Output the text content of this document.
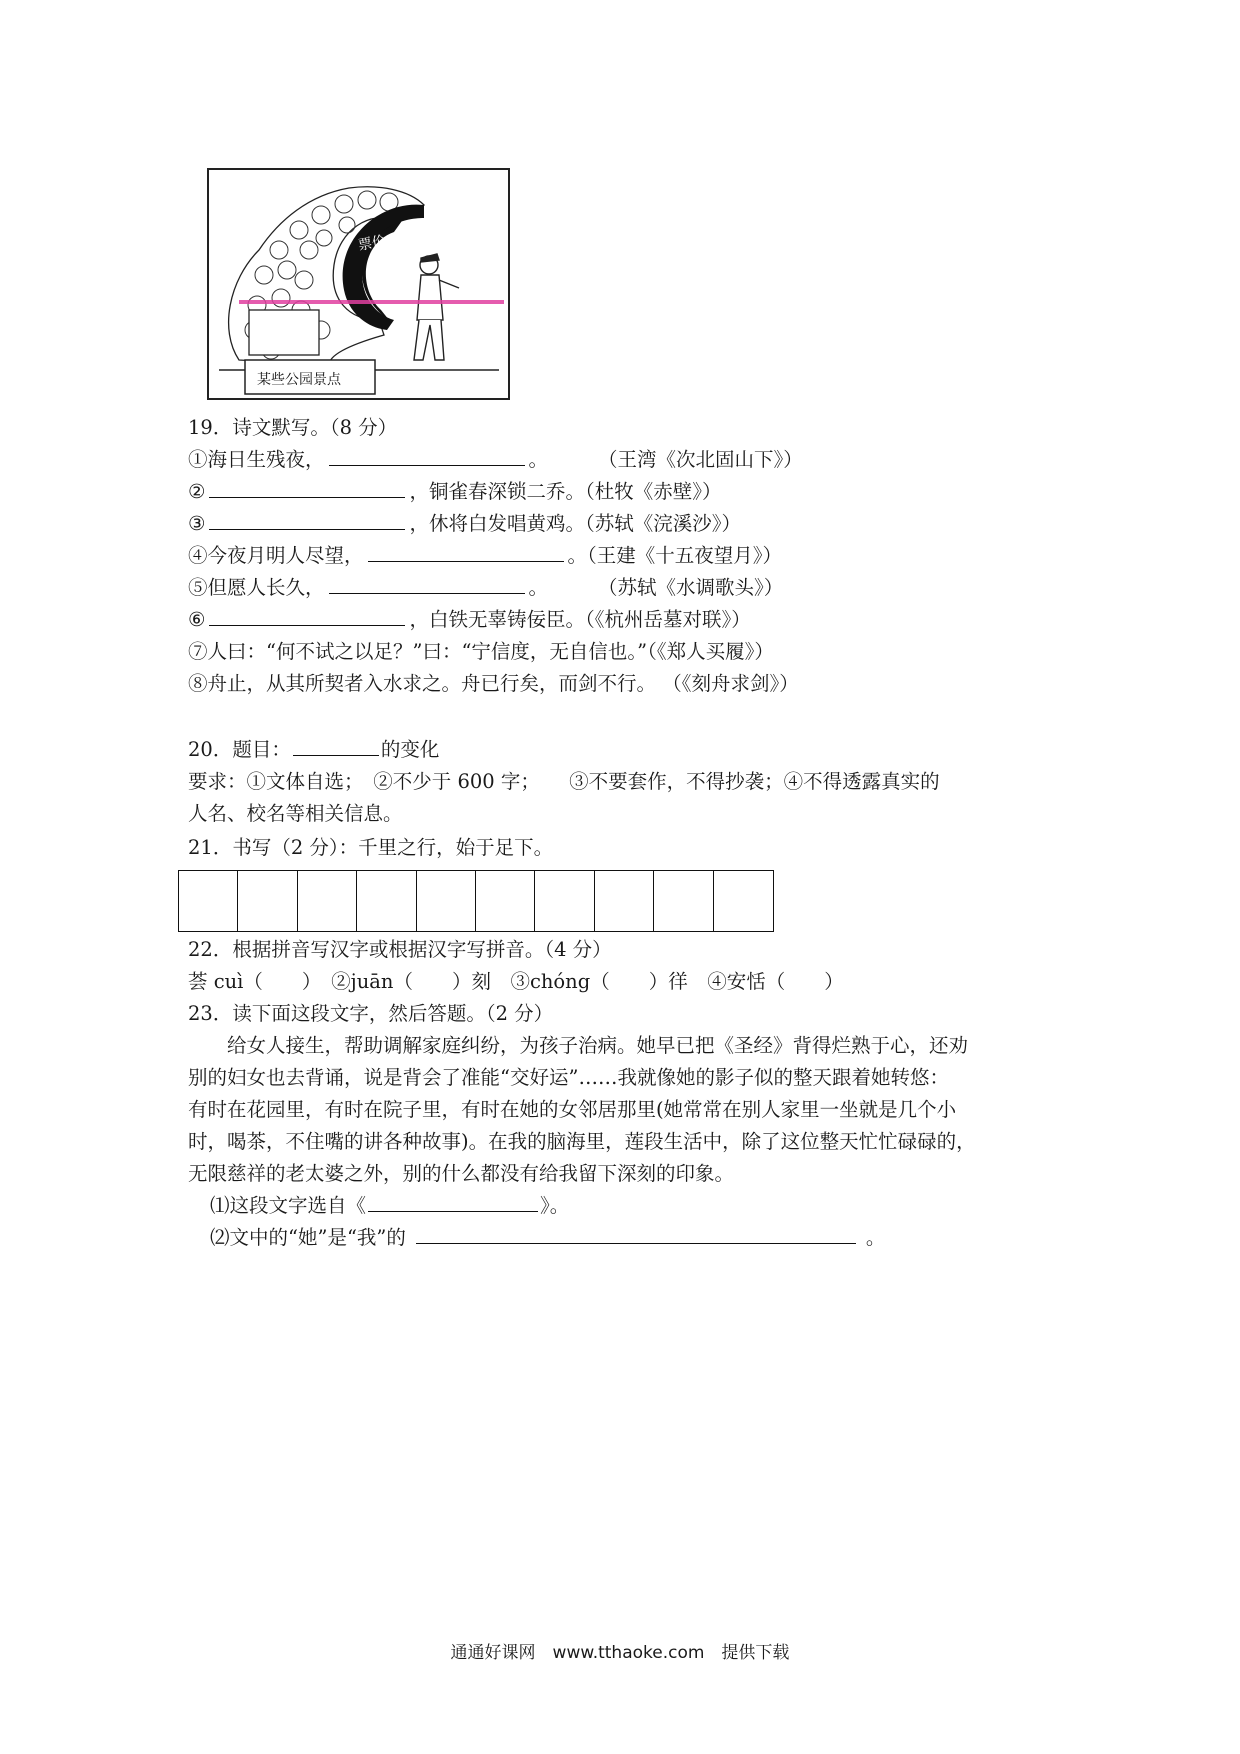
票价
某些公园景点
19．诗文默写。（8 分）
①海日生残夜，	。	（王湾《次北固山下》）
②	，铜雀春深锁二乔。（杜牧《赤壁》）
③	，休将白发唱黄鸡。（苏轼《浣溪沙》）
④今夜月明人尽望，	。（王建《十五夜望月》）
⑤但愿人长久，	。	（苏轼《水调歌头》）
⑥	，白铁无辜铸佞臣。（《杭州岳墓对联》）
⑦人曰：“何不试之以足？”曰：“宁信度，无自信也。”（《郑人买履》）
⑧舟止，从其所契者入水求之。舟已行矣，而剑不行。 （《刻舟求剑》）
20．题目：	的变化
要求：①文体自选；　②不少于 600 字；　　③不要套作，不得抄袭；④不得透露真实的
人名、校名等相关信息。
21．书写（2 分）：千里之行，始于足下。
22．根据拼音写汉字或根据汉字写拼音。（4 分）
荟 cuì（　　）　②juān（　　）刻　③chóng（　　）徉　④安恬（　　）
23．读下面这段文字，然后答题。（2 分）
　　给女人接生，帮助调解家庭纠纷，为孩子治病。她早已把《圣经》背得烂熟于心，还劝
别的妇女也去背诵，说是背会了准能“交好运”……我就像她的影子似的整天跟着她转悠：
有时在花园里，有时在院子里，有时在她的女邻居那里(她常常在别人家里一坐就是几个小
时，喝茶，不住嘴的讲各种故事)。在我的脑海里，莲段生活中，除了这位整天忙忙碌碌的，
无限慈祥的老太婆之外，别的什么都没有给我留下深刻的印象。
⑴这段文字选自《	》。
⑵文中的“她”是“我”的	。
通通好课网　www.tthaoke.com　提供下载
